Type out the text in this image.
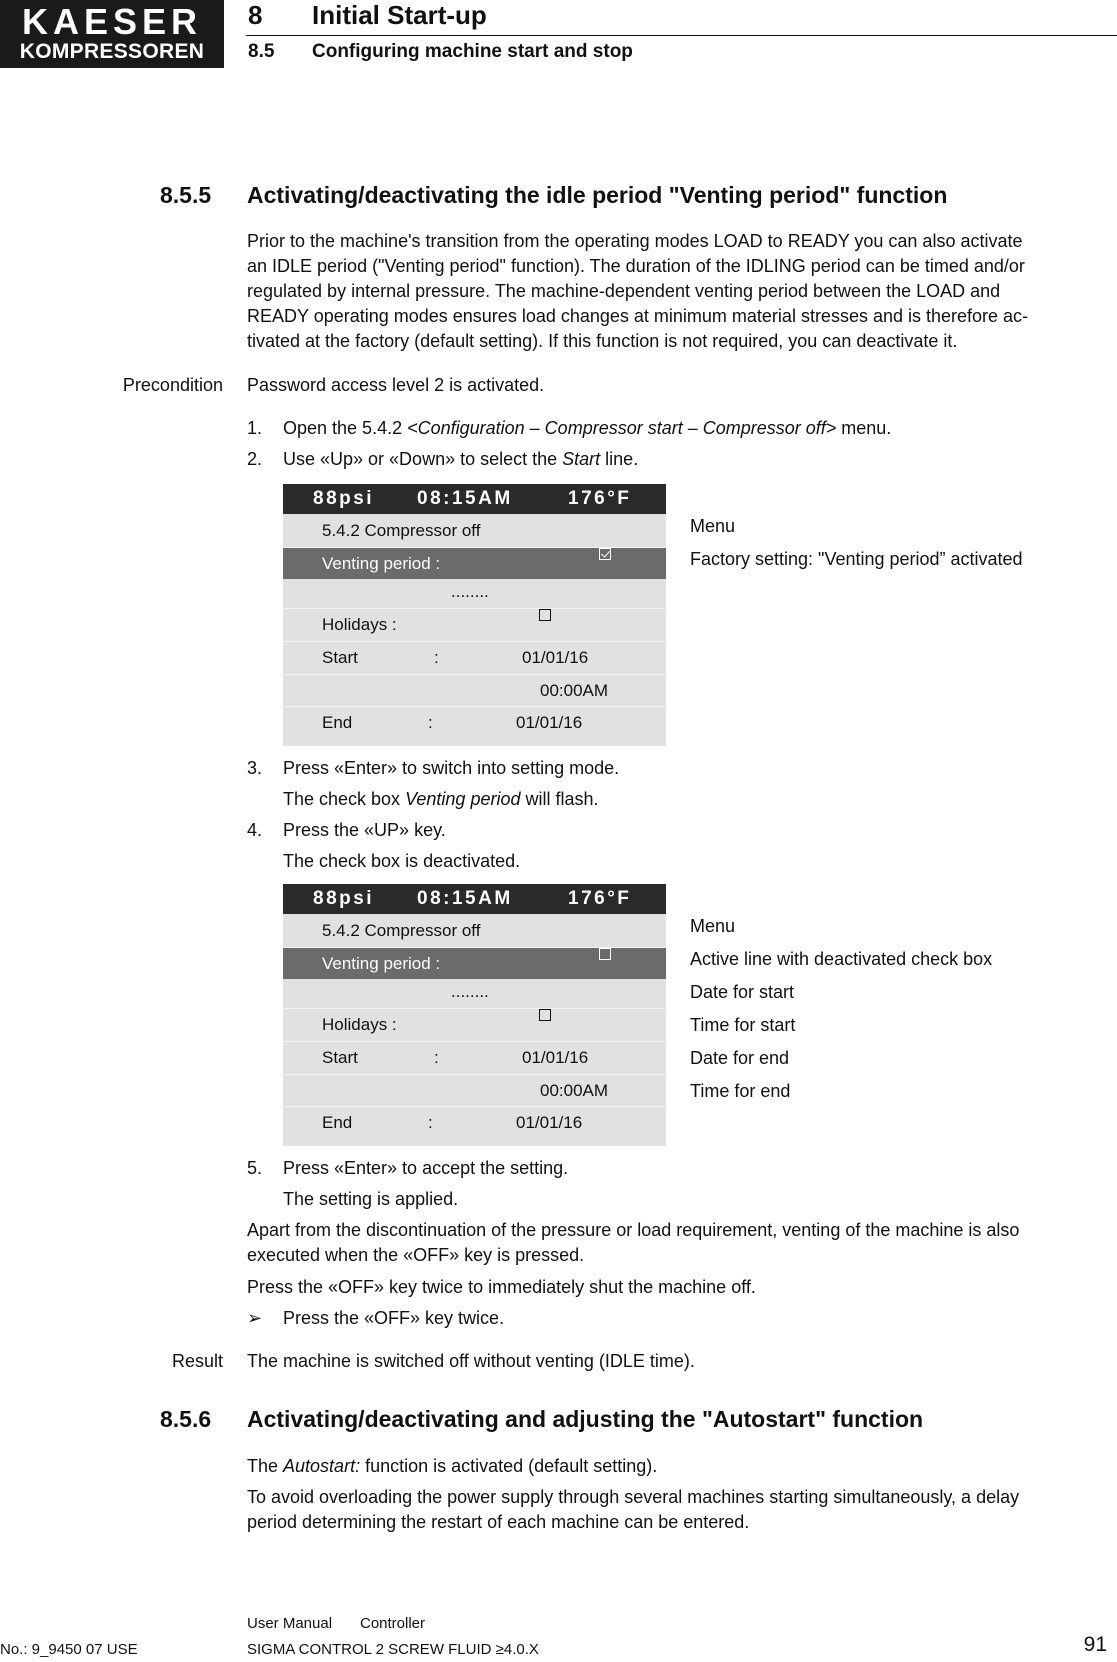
KAESER
KOMPRESSOREN
8 Initial Start-up
8.5 Configuring machine start and stop
8.5.5 Activating/deactivating the idle period "Venting period" function
Prior to the machine's transition from the operating modes LOAD to READY you can also activate
an IDLE period ("Venting period" function). The duration of the IDLING period can be timed and/or
regulated by internal pressure. The machine-dependent venting period between the LOAD and
READY operating modes ensures load changes at minimum material stresses and is therefore ac-
tivated at the factory (default setting). If this function is not required, you can deactivate it.
Precondition Password access level 2 is activated.
1. Open the 5.4.2 <Configuration – Compressor start – Compressor off> menu.
2. Use «Up» or «Down» to select the Start line.
88psi 08:15AM	176°F
5.4.2 Compressor off
Venting period :
........
Holidays :
Start	:	01/01/16
00:00AM
End	:	01/01/16
Menu
Factory setting: "Venting period” activated
3. Press «Enter» to switch into setting mode.
The check box Venting period will flash.
4. Press the «UP» key.
The check box is deactivated.
88psi 08:15AM	176°F
5.4.2 Compressor off
Venting period :
........
Holidays :
Start	:	01/01/16
00:00AM
End	:	01/01/16
Menu
Active line with deactivated check box
Date for start
Time for start
Date for end
Time for end
5. Press «Enter» to accept the setting.
The setting is applied.
Apart from the discontinuation of the pressure or load requirement, venting of the machine is also
executed when the «OFF» key is pressed.
Press the «OFF» key twice to immediately shut the machine off.
➢ Press the «OFF» key twice.
Result The machine is switched off without venting (IDLE time).
8.5.6 Activating/deactivating and adjusting the "Autostart" function
The Autostart: function is activated (default setting).
To avoid overloading the power supply through several machines starting simultaneously, a delay
period determining the restart of each machine can be entered.
User Manual Controller
No.: 9_9450 07 USE	SIGMA CONTROL 2 SCREW FLUID ≥4.0.X	91
